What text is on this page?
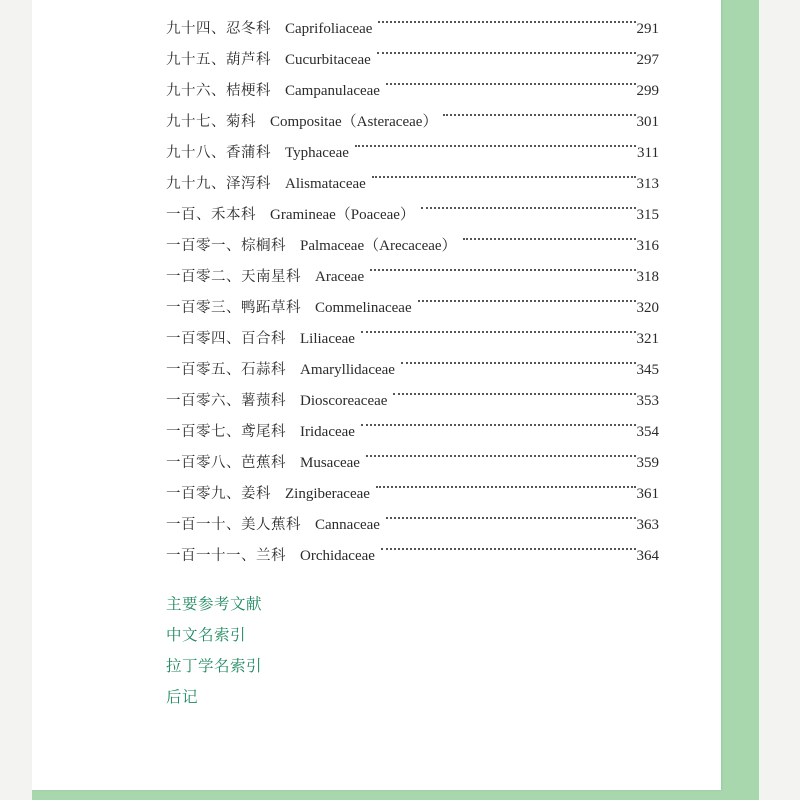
九十四、忍冬科 Caprifoliaceae	291
九十五、葫芦科 Cucurbitaceae	297
九十六、桔梗科 Campanulaceae	299
九十七、菊科 Compositae（Asteraceae）	301
九十八、香蒲科 Typhaceae	311
九十九、泽泻科 Alismataceae	313
一百、禾本科 Gramineae（Poaceae）	315
一百零一、棕榈科 Palmaceae（Arecaceae）	316
一百零二、天南星科 Araceae	318
一百零三、鸭跖草科 Commelinaceae	320
一百零四、百合科 Liliaceae	321
一百零五、石蒜科 Amaryllidaceae	345
一百零六、薯蓣科 Dioscoreaceae	353
一百零七、鸢尾科 Iridaceae	354
一百零八、芭蕉科 Musaceae	359
一百零九、姜科 Zingiberaceae	361
一百一十、美人蕉科 Cannaceae	363
一百一十一、兰科 Orchidaceae	364
主要参考文献
中文名索引
拉丁学名索引
后记
